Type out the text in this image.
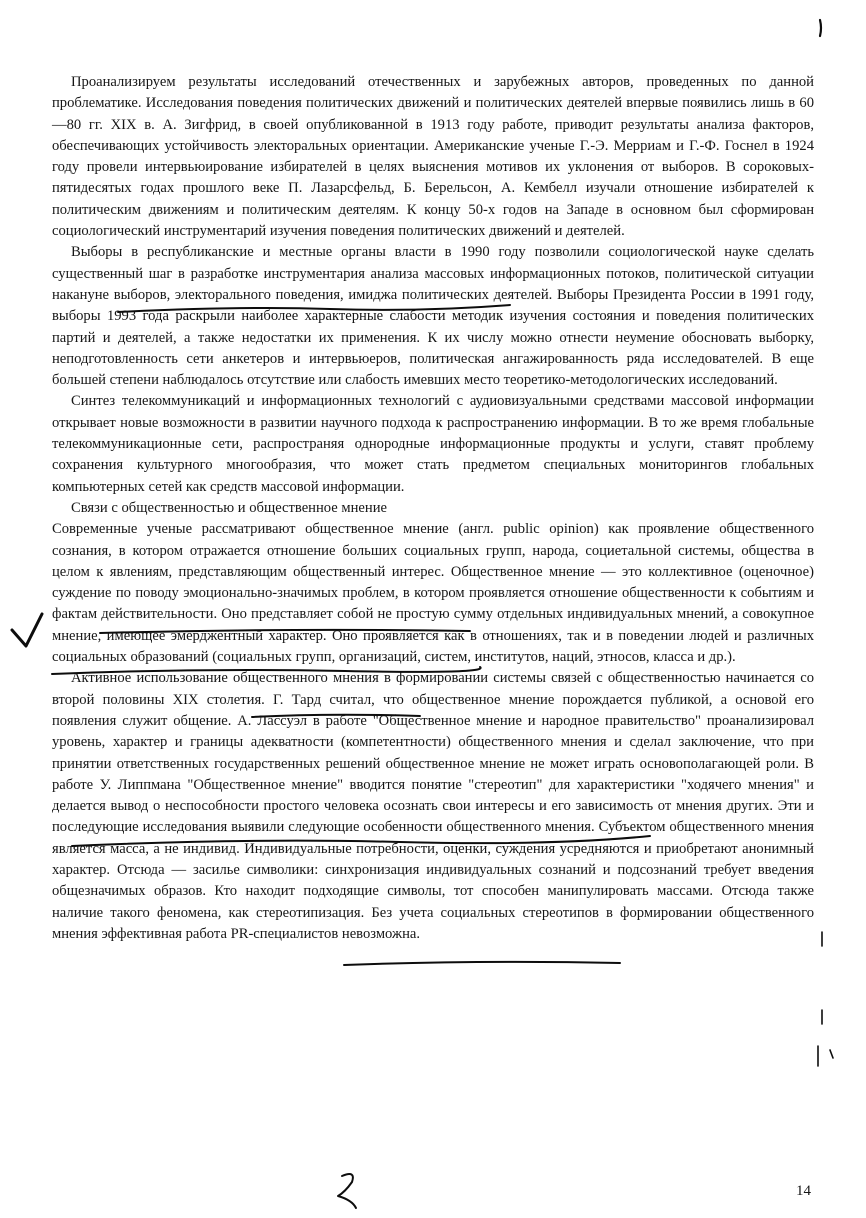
Проанализируем результаты исследований отечественных и зарубежных авторов, проведенных по данной проблематике. Исследования поведения политических движений и политических деятелей впервые появились лишь в 60—80 гг. XIX в. А. Зигфрид, в своей опубликованной в 1913 году работе, приводит результаты анализа факторов, обеспечивающих устойчивость электоральных ориентации. Американские ученые Г.-Э. Мерриам и Г.-Ф. Госнел в 1924 году провели интервьюирование избирателей в целях выяснения мотивов их уклонения от выборов. В сороковых-пятидесятых годах прошлого веке П. Лазарсфельд, Б. Берельсон, А. Кембелл изучали отношение избирателей к политическим движениям и политическим деятелям. К концу 50-х годов на Западе в основном был сформирован социологический инструментарий изучения поведения политических движений и деятелей.

Выборы в республиканские и местные органы власти в 1990 году позволили социологической науке сделать существенный шаг в разработке инструментария анализа массовых информационных потоков, политической ситуации накануне выборов, электорального поведения, имиджа политических деятелей. Выборы Президента России в 1991 году, выборы 1993 года раскрыли наиболее характерные слабости методик изучения состояния и поведения политических партий и деятелей, а также недостатки их применения. К их числу можно отнести неумение обосновать выборку, неподготовленность сети анкетеров и интервьюеров, политическая ангажированность ряда исследователей. В еще большей степени наблюдалось отсутствие или слабость имевших место теоретико-методологических исследований.

Синтез телекоммуникаций и информационных технологий с аудиовизуальными средствами массовой информации открывает новые возможности в развитии научного подхода к распространению информации. В то же время глобальные телекоммуникационные сети, распространяя однородные информационные продукты и услуги, ставят проблему сохранения культурного многообразия, что может стать предметом специальных мониторингов глобальных компьютерных сетей как средств массовой информации.

Связи с общественностью и общественное мнение

Современные ученые рассматривают общественное мнение (англ. public opinion) как проявление общественного сознания, в котором отражается отношение больших социальных групп, народа, социетальной системы, общества в целом к явлениям, представляющим общественный интерес. Общественное мнение — это коллективное (оценочное) суждение по поводу эмоционально-значимых проблем, в котором проявляется отношение общественности к событиям и фактам действительности. Оно представляет собой не простую сумму отдельных индивидуальных мнений, а совокупное мнение, имеющее эмерджентный характер. Оно проявляется как в отношениях, так и в поведении людей и различных социальных образований (социальных групп, организаций, систем, институтов, наций, этносов, класса и др.).

Активное использование общественного мнения в формировании системы связей с общественностью начинается со второй половины XIX столетия. Г. Тард считал, что общественное мнение порождается публикой, а основой его появления служит общение. А. Лассуэл в работе "Общественное мнение и народное правительство" проанализировал уровень, характер и границы адекватности (компетентности) общественного мнения и сделал заключение, что при принятии ответственных государственных решений общественное мнение не может играть основополагающей роли. В работе У. Липпмана "Общественное мнение" вводится понятие "стереотип" для характеристики "ходячего мнения" и делается вывод о неспособности простого человека осознать свои интересы и его зависимость от мнения других. Эти и последующие исследования выявили следующие особенности общественного мнения. Субъектом общественного мнения является масса, а не индивид. Индивидуальные потребности, оценки, суждения усредняются и приобретают анонимный характер. Отсюда — засилье символики: синхронизация индивидуальных сознаний и подсознаний требует введения общезначимых образов. Кто находит подходящие символы, тот способен манипулировать массами. Отсюда также наличие такого феномена, как стереотипизация. Без учета социальных стереотипов в формировании общественного мнения эффективная работа PR-специалистов невозможна.

14
